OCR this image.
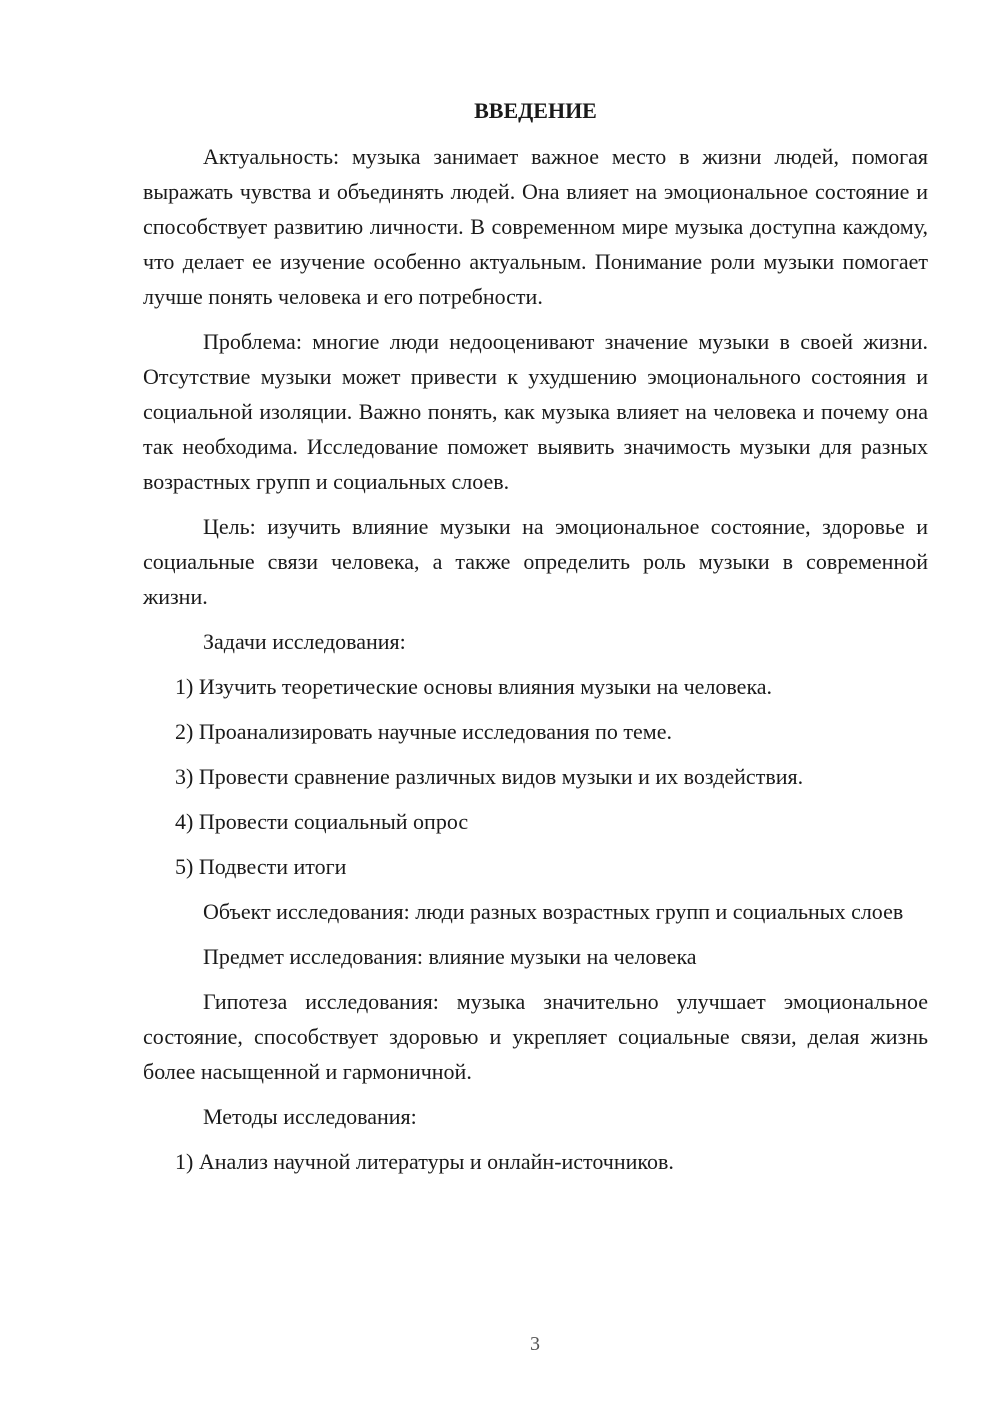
ВВЕДЕНИЕ

Актуальность: музыка занимает важное место в жизни людей, помогая выражать чувства и объединять людей. Она влияет на эмоциональное состояние и способствует развитию личности. В современном мире музыка доступна каждому, что делает ее изучение особенно актуальным. Понимание роли музыки помогает лучше понять человека и его потребности.

Проблема: многие люди недооценивают значение музыки в своей жизни. Отсутствие музыки может привести к ухудшению эмоционального состояния и социальной изоляции. Важно понять, как музыка влияет на человека и почему она так необходима. Исследование поможет выявить значимость музыки для разных возрастных групп и социальных слоев.

Цель: изучить влияние музыки на эмоциональное состояние, здоровье и социальные связи человека, а также определить роль музыки в современной жизни.

Задачи исследования:

1) Изучить теоретические основы влияния музыки на человека.

2) Проанализировать научные исследования по теме.

3) Провести сравнение различных видов музыки и их воздействия.

4) Провести социальный опрос

5) Подвести итоги

Объект исследования: люди разных возрастных групп и социальных слоев

Предмет исследования: влияние музыки на человека

Гипотеза исследования: музыка значительно улучшает эмоциональное состояние, способствует здоровью и укрепляет социальные связи, делая жизнь более насыщенной и гармоничной.

Методы исследования:

1) Анализ научной литературы и онлайн-источников.

3
